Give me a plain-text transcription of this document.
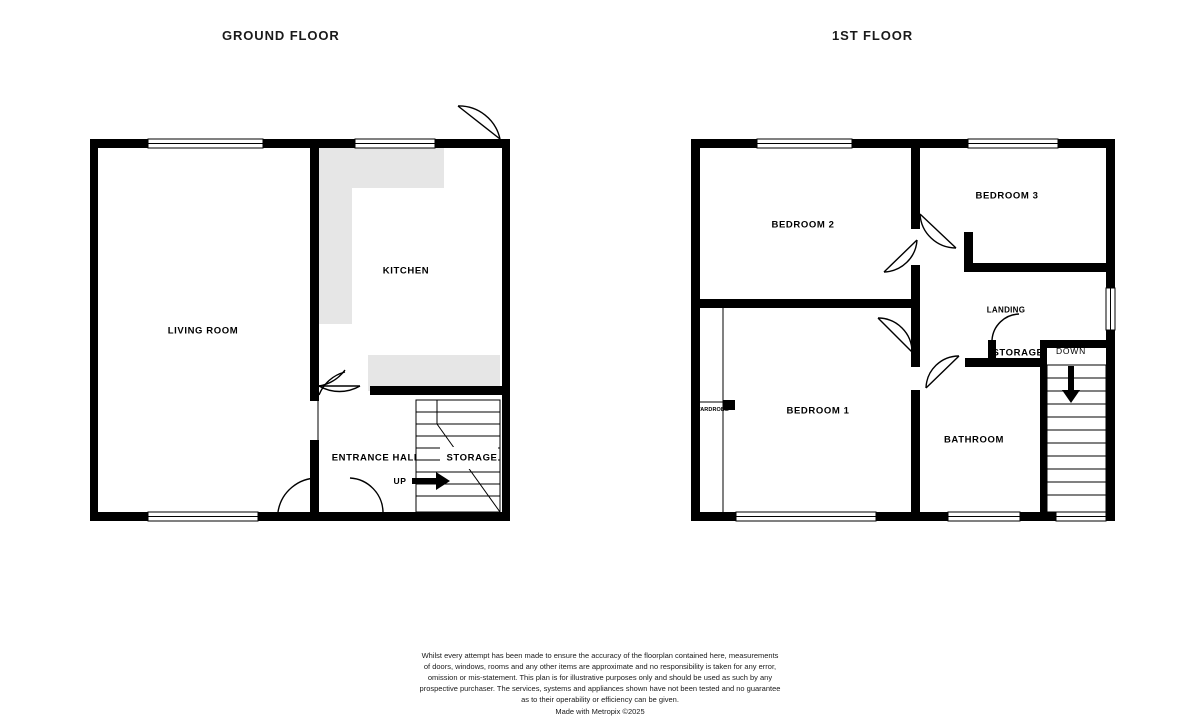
GROUND FLOOR	1ST FLOOR
LIVING ROOM
KITCHEN
ENTRANCE HALL	STORAGE
UP
BEDROOM 2
BEDROOM 3
BEDROOM 1
BATHROOM
LANDING
STORAGE
WARDROBE
DOWN

Whilst every attempt has been made to ensure the accuracy of the floorplan contained here, measurements

of doors, windows, rooms and any other items are approximate and no responsibility is taken for any error,

omission or mis-statement. This plan is for illustrative purposes only and should be used as such by any

prospective purchaser. The services, systems and appliances shown have not been tested and no guarantee

as to their operability or efficiency can be given.

Made with Metropix ©2025
